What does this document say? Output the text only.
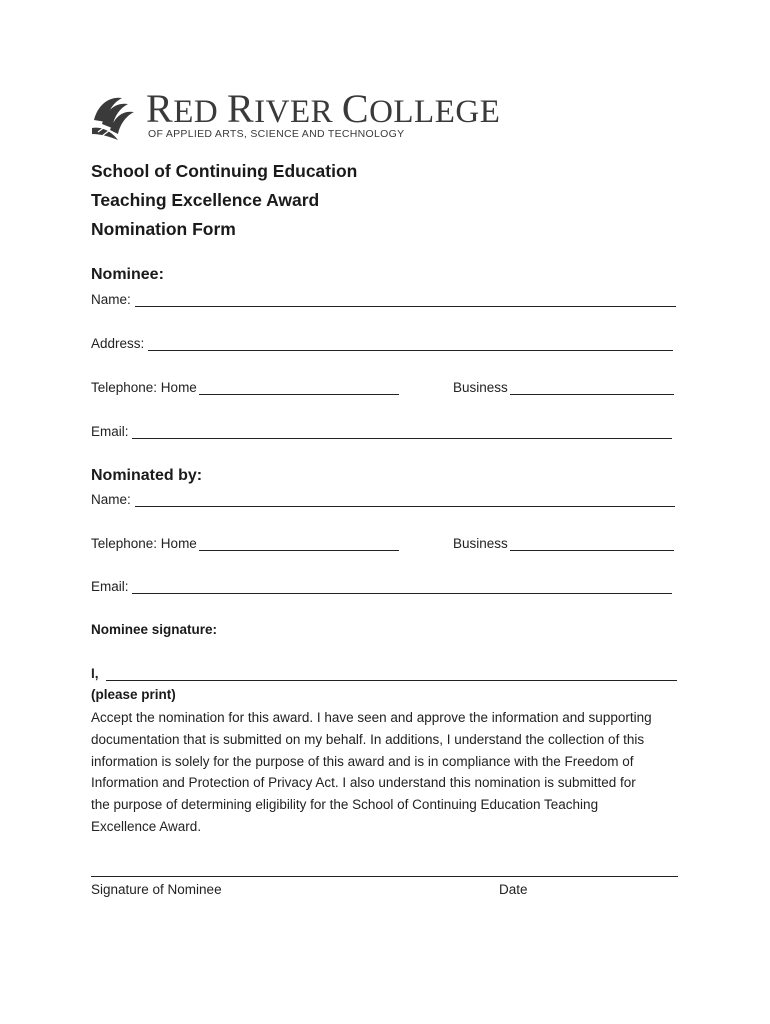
RED RIVER COLLEGE
OF APPLIED ARTS, SCIENCE AND TECHNOLOGY
School of Continuing Education
Teaching Excellence Award
Nomination Form
Nominee:
Name:
Address:
Telephone: Home	Business
Email:
Nominated by:
Name:
Telephone: Home	Business
Email:
Nominee signature:
I,
(please print)

Accept the nomination for this award. I have seen and approve the information and supporting

documentation that is submitted on my behalf. In additions, I understand the collection of this

information is solely for the purpose of this award and is in compliance with the Freedom of

Information and Protection of Privacy Act. I also understand this nomination is submitted for

the purpose of determining eligibility for the School of Continuing Education Teaching

Excellence Award.

Signature of Nominee	Date
